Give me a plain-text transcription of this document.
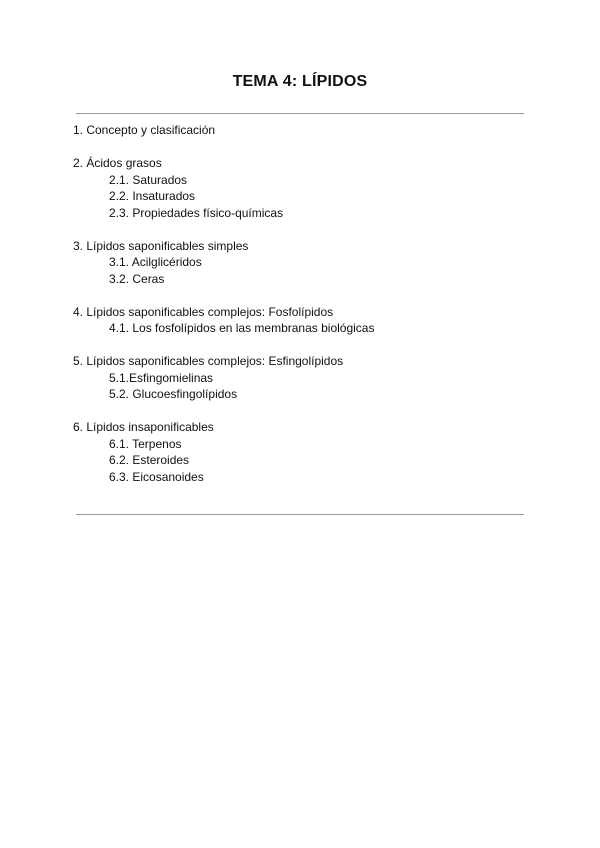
TEMA 4: LÍPIDOS
1. Concepto y clasificación
2. Ácidos grasos
2.1. Saturados
2.2. Insaturados
2.3. Propiedades físico-químicas
3. Lípidos saponificables simples
3.1. Acilglicéridos
3.2. Ceras
4. Lípidos saponificables complejos: Fosfolípidos
4.1. Los fosfolípidos en las membranas biológicas
5. Lípidos saponificables complejos: Esfingolípidos
5.1.Esfingomielinas
5.2. Glucoesfingolípidos
6. Lípidos insaponificables
6.1. Terpenos
6.2. Esteroides
6.3. Eicosanoides
